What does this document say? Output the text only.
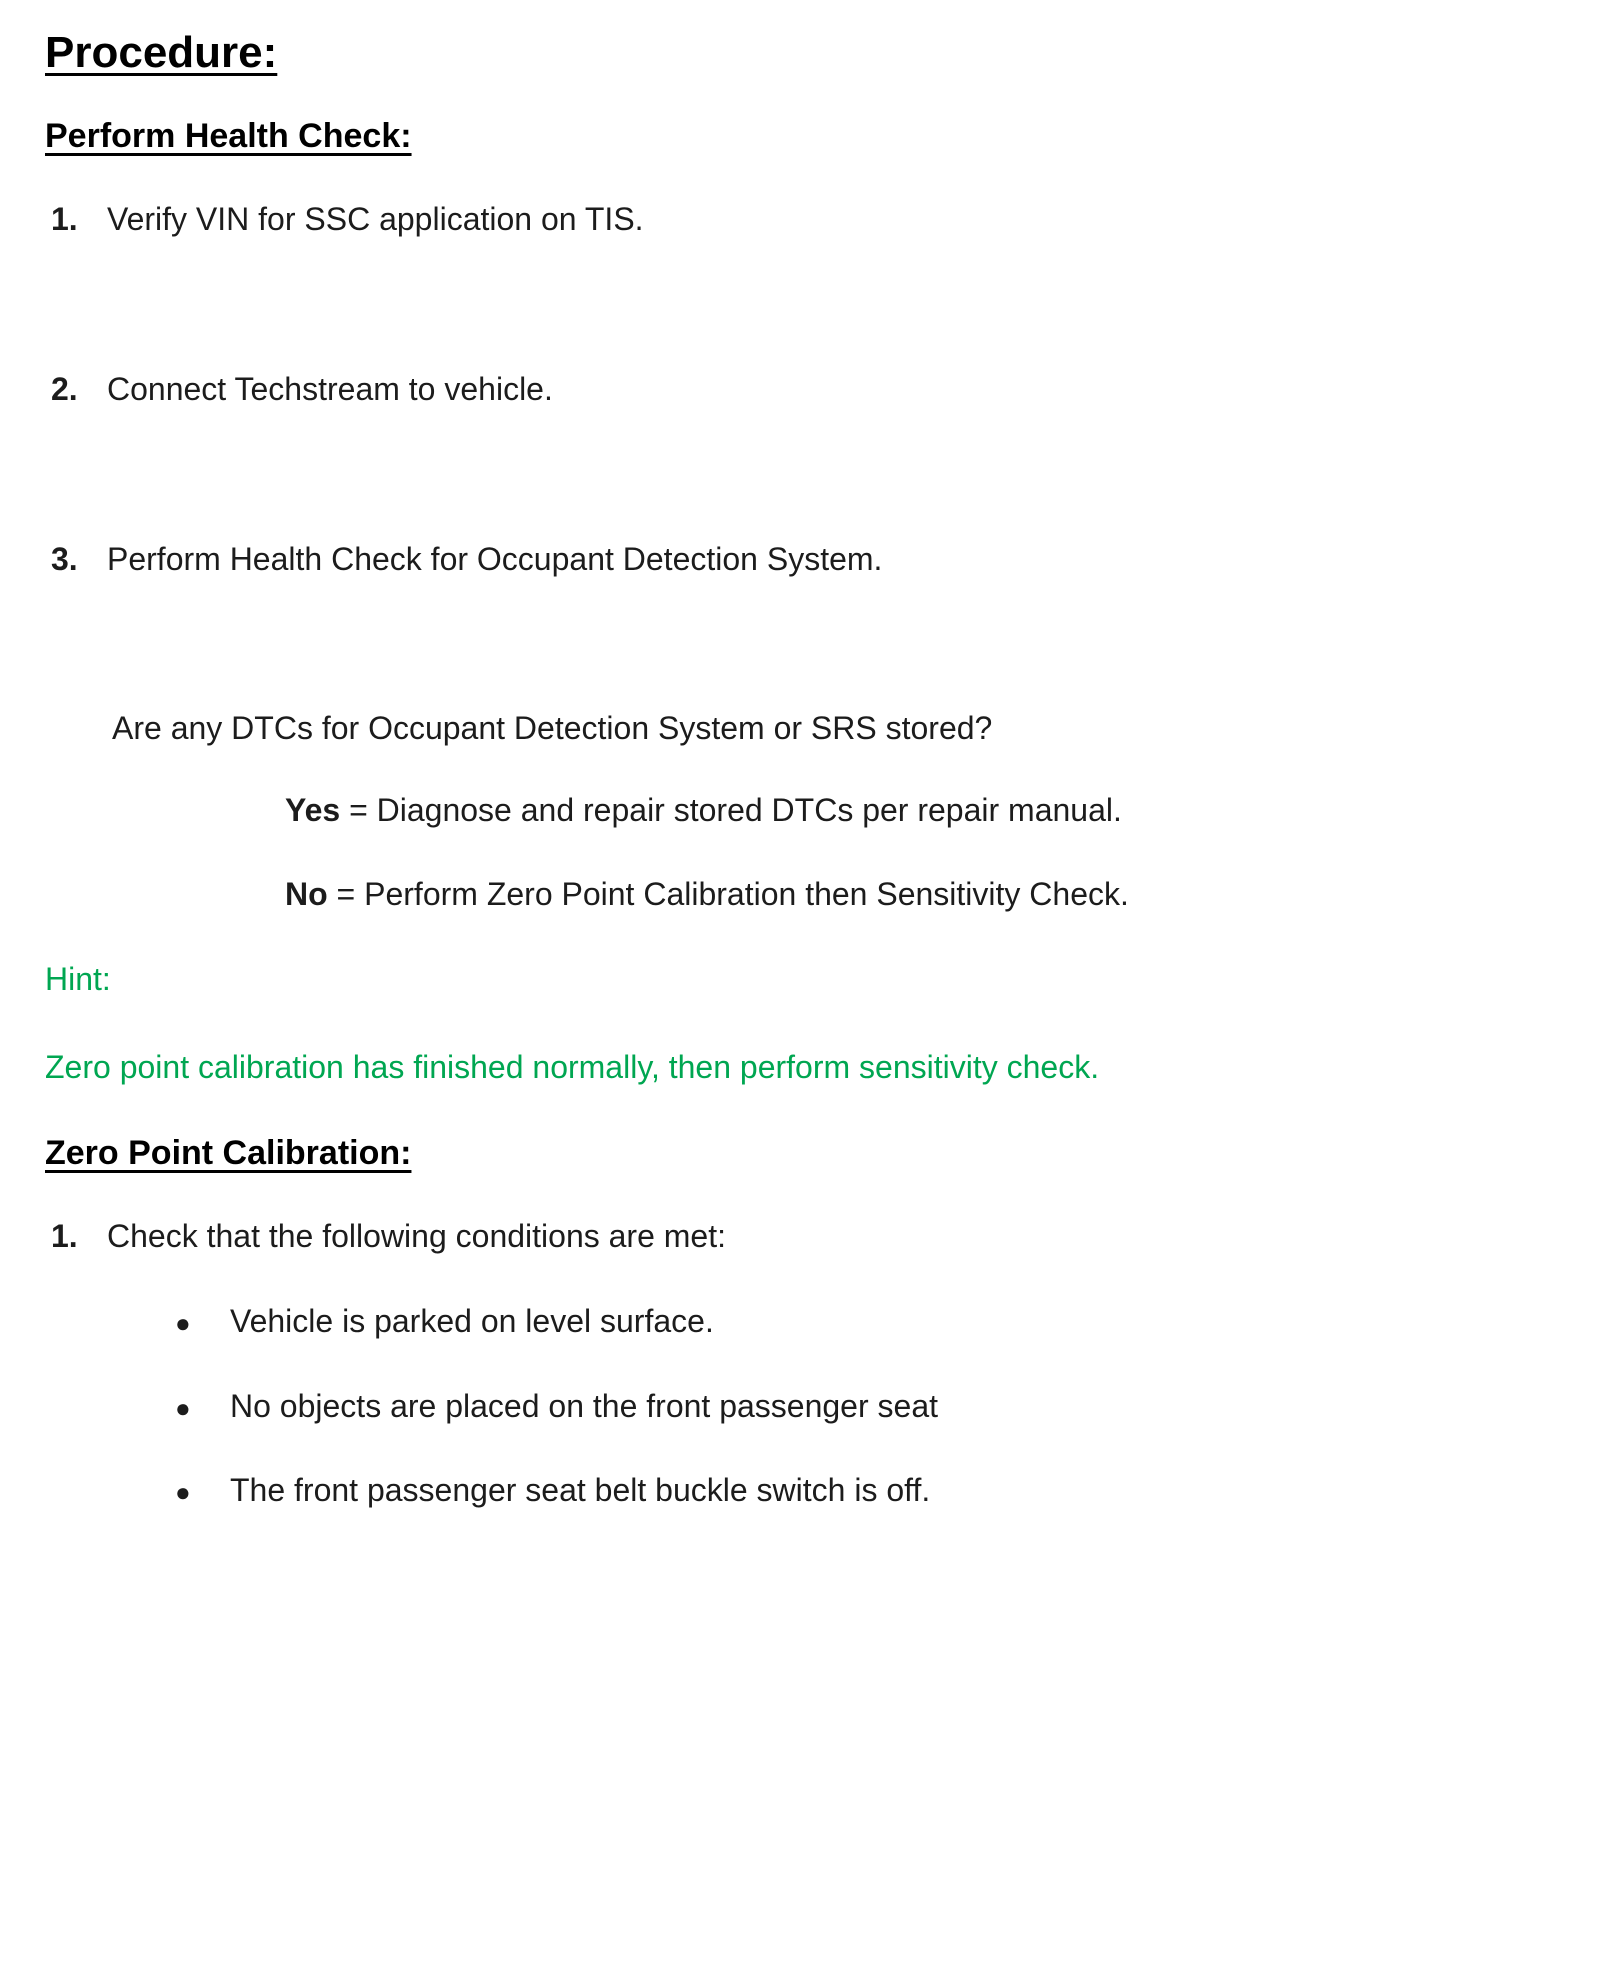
Procedure:
Perform Health Check:
1. Verify VIN for SSC application on TIS.
2. Connect Techstream to vehicle.
3. Perform Health Check for Occupant Detection System.

Are any DTCs for Occupant Detection System or SRS stored?

Yes = Diagnose and repair stored DTCs per repair manual.

No = Perform Zero Point Calibration then Sensitivity Check.

Hint:

Zero point calibration has finished normally, then perform sensitivity check.

Zero Point Calibration:
1. Check that the following conditions are met:
●	Vehicle is parked on level surface.
●	No objects are placed on the front passenger seat
●	The front passenger seat belt buckle switch is off.
